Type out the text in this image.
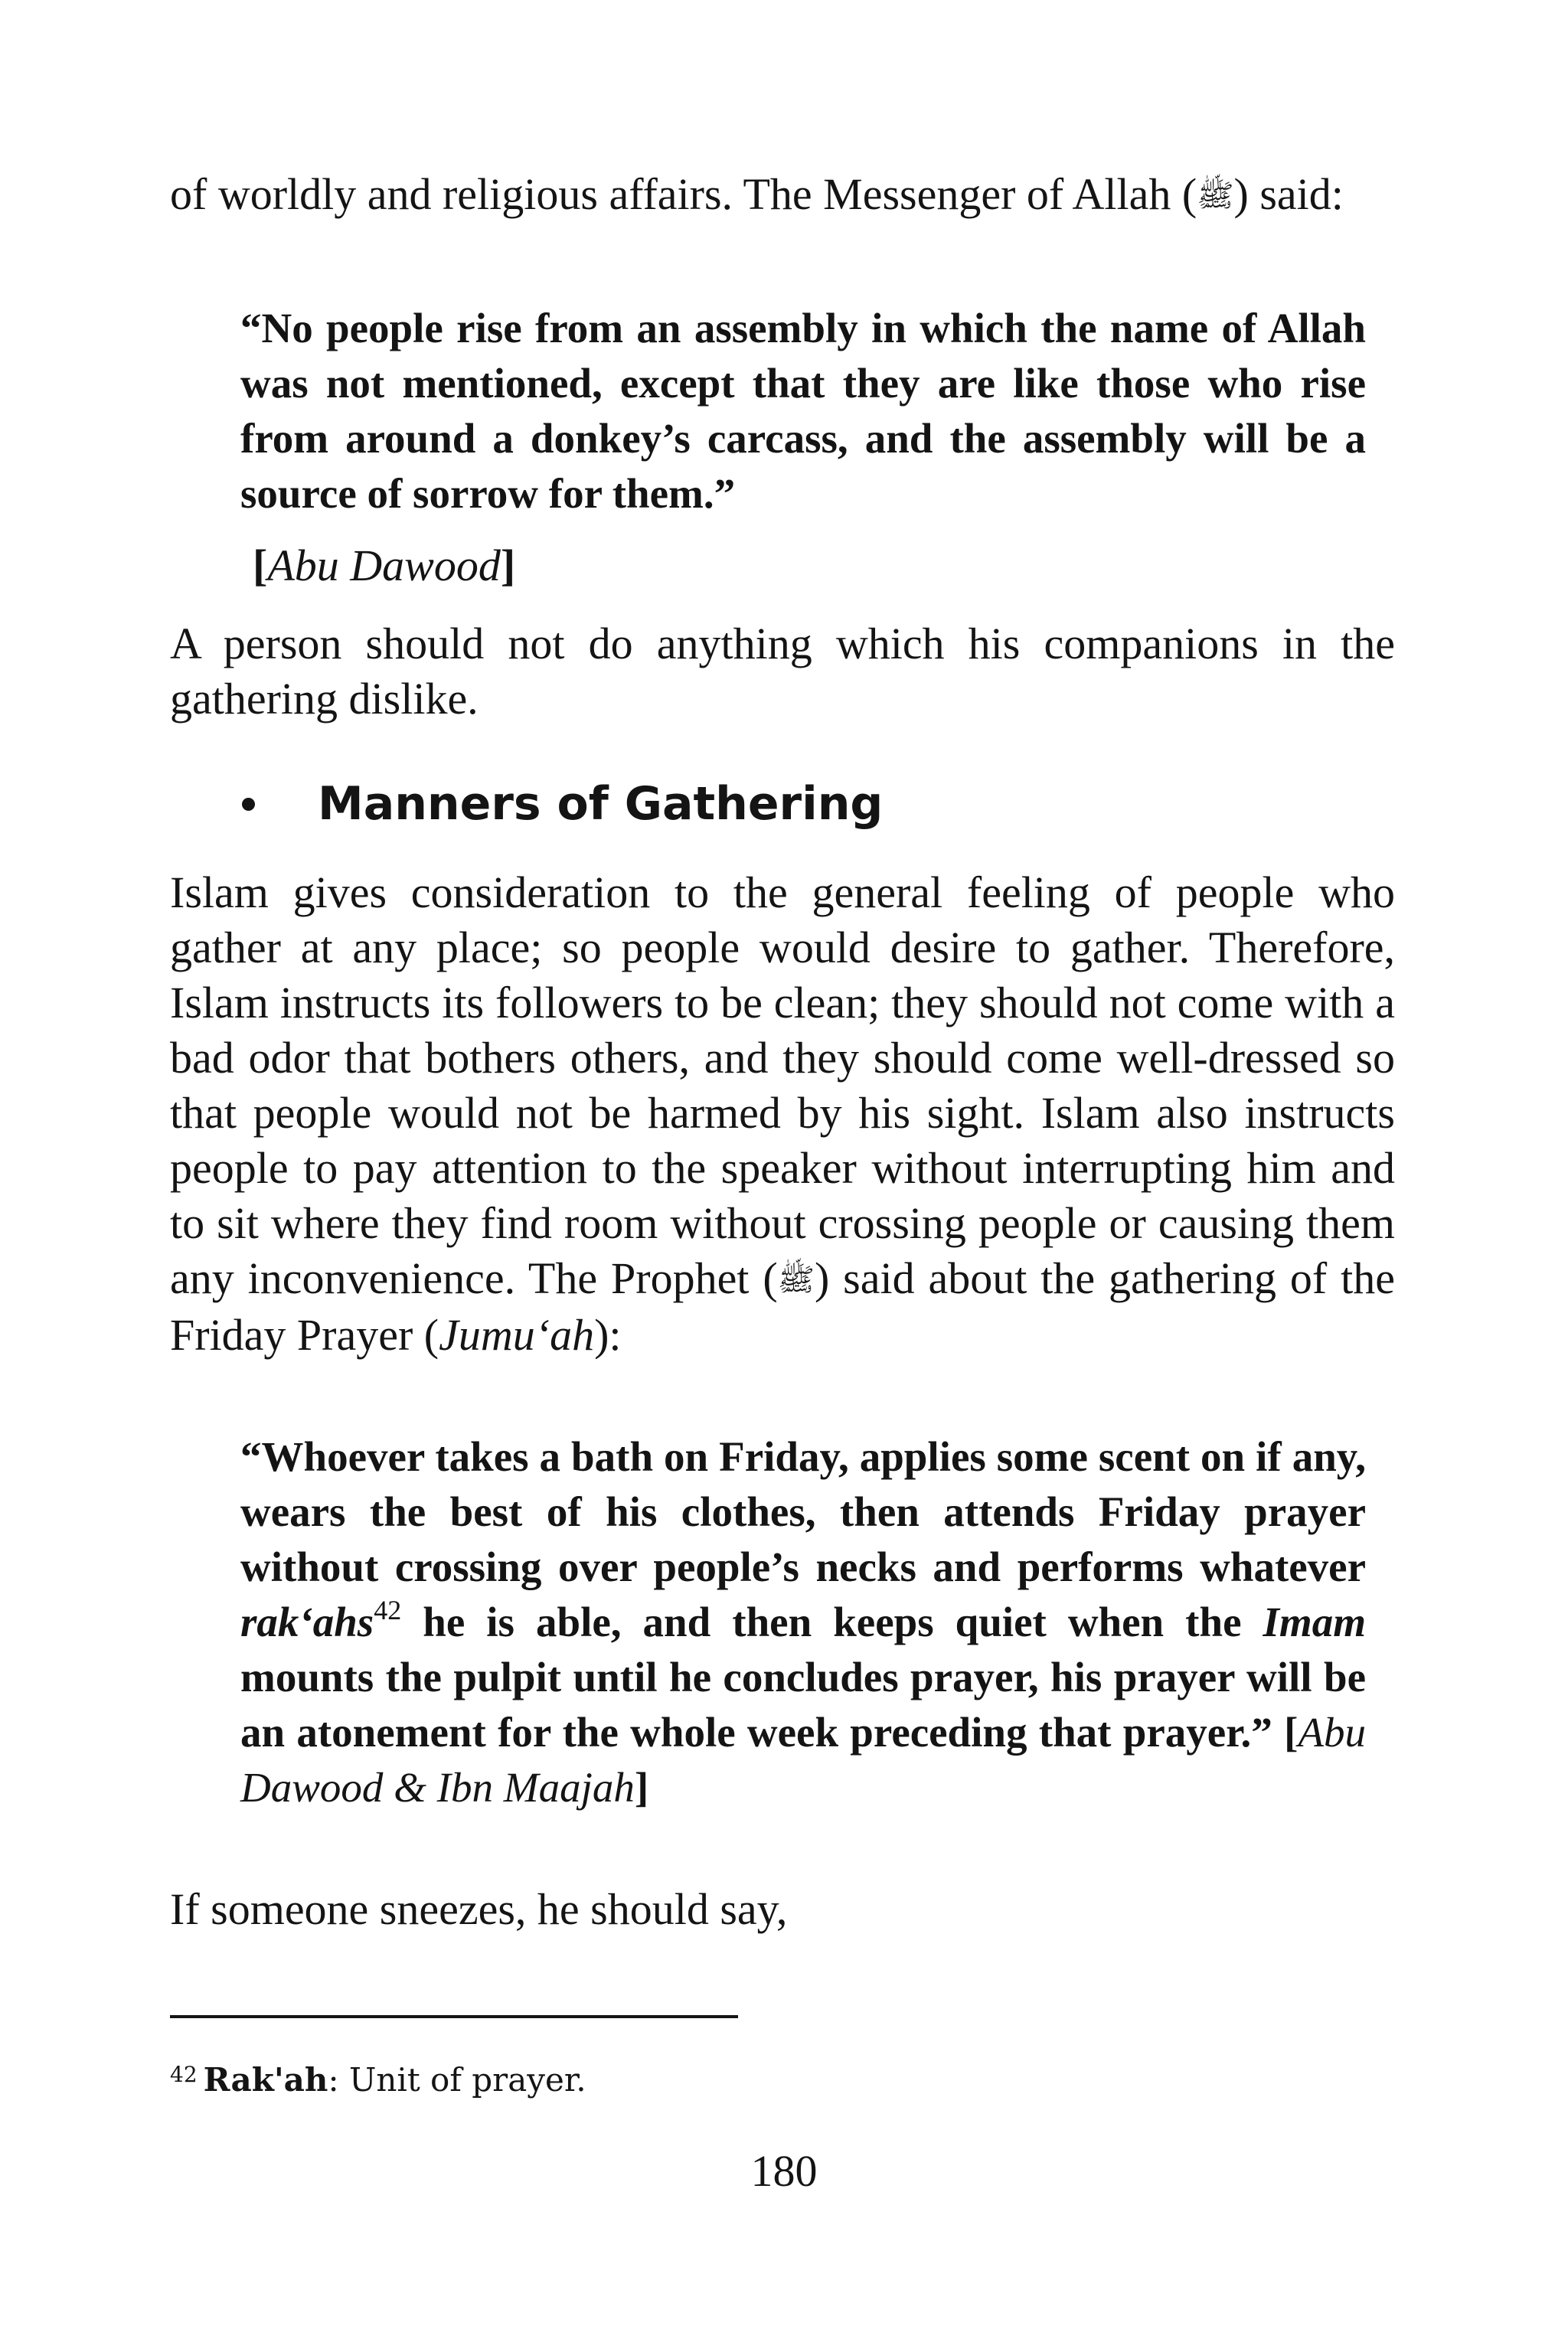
of worldly and religious affairs. The Messenger of Allah (ﷺ) said:

“No people rise from an assembly in which the name of Allah was not mentioned, except that they are like those who rise from around a donkey’s carcass, and the assembly will be a source of sorrow for them.”

[Abu Dawood]

A person should not do anything which his companions in the gathering dislike.

Manners of Gathering

Islam gives consideration to the general feeling of people who gather at any place; so people would desire to gather. Therefore, Islam instructs its followers to be clean; they should not come with a bad odor that bothers others, and they should come well-dressed so that people would not be harmed by his sight. Islam also instructs people to pay attention to the speaker without interrupting him and to sit where they find room without crossing people or causing them any inconvenience. The Prophet (ﷺ) said about the gathering of the Friday Prayer (Jumu‘ah):

“Whoever takes a bath on Friday, applies some scent on if any, wears the best of his clothes, then attends Friday prayer without crossing over people’s necks and performs whatever rak‘ahs$^{42}$ he is able, and then keeps quiet when the Imam mounts the pulpit until he concludes prayer, his prayer will be an atonement for the whole week preceding that prayer.” [Abu Dawood & Ibn Maajah]

If someone sneezes, he should say,

$^{42}$ Rak'ah: Unit of prayer.

180
